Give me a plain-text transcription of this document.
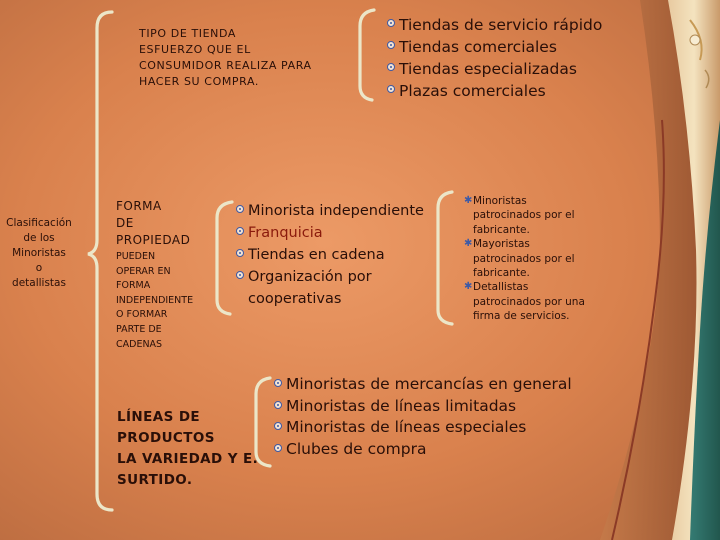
Clasificación
de los
Minoristas
o
detallistas
TIPO DE TIENDA
ESFUERZO QUE EL
CONSUMIDOR REALIZA PARA
HACER SU COMPRA.
Tiendas de servicio rápido
Tiendas comerciales
Tiendas especializadas
Plazas comerciales
FORMA
DE
PROPIEDAD
PUEDEN
OPERAR EN
FORMA
INDEPENDIENTE
O FORMAR
PARTE DE
CADENAS
Minorista independiente
Franquicia
Tiendas en cadena
Organización por cooperativas
✱ Minoristas patrocinados por el fabricante.
✱ Mayoristas patrocinados por el fabricante.
✱ Detallistas patrocinados por una firma de servicios.
LÍNEAS DE
PRODUCTOS
LA VARIEDAD Y E.
SURTIDO.
Minoristas de mercancías en general
Minoristas de líneas limitadas
Minoristas de líneas especiales
Clubes de compra
